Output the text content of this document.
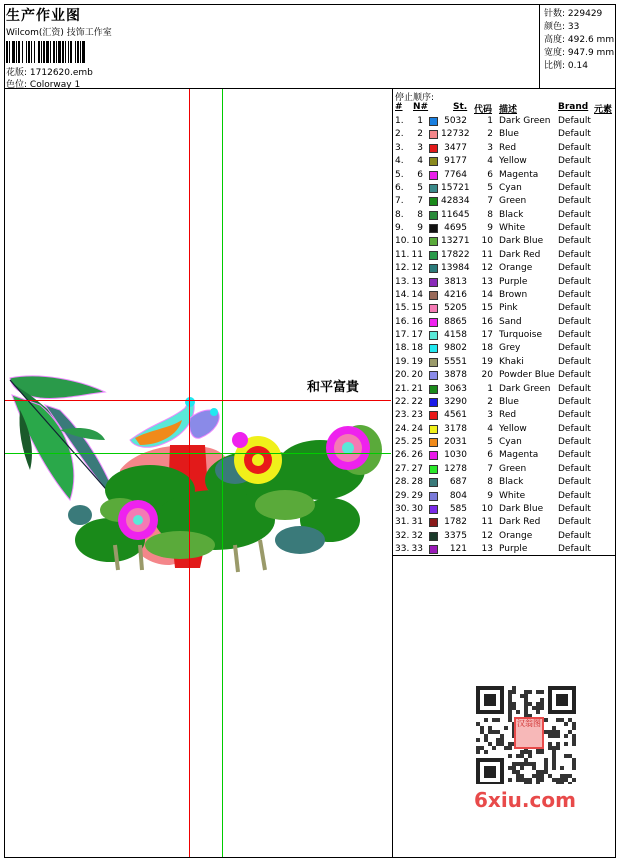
生产作业图
Wilcom(汇资) 技饰工作室
花版: 1712620.emb
色位: Colorway 1
针数: 229429
颜色: 33
高度: 492.6 mm
宽度: 947.9 mm
比例: 0.14
和平富貴
停止顺序:
# N#	St. 代码 描述	Brand 元素
1.	1	5032	1 Dark Green Default
2.	2 12732	2 Blue	Default
3.	3	3477	3 Red	Default
4.	4	9177	4 Yellow	Default
5.	6	7764	6 Magenta Default
6.	5 15721	5 Cyan	Default
7.	7 42834	7 Green	Default
8.	8 11645	8 Black	Default
9.	9	4695	9 White	Default
10. 10 13271	10 Dark Blue Default
11. 11 17822	11 Dark Red Default
12. 12 13984	12 Orange	Default
13. 13	3813	13 Purple	Default
14. 14	4216	14 Brown	Default
15. 15	5205	15 Pink	Default
16. 16	8865	16 Sand	Default
17. 17	4158	17 Turquoise Default
18. 18	9802	18 Grey	Default
19. 19	5551	19 Khaki	Default
20. 20	3878	20 Powder Blue Default
21. 21	3063	1 Dark Green Default
22. 22	3290	2 Blue	Default
23. 23	4561	3 Red	Default
24. 24	3178	4 Yellow	Default
25. 25	2031	5 Cyan	Default
26. 26	1030	6 Magenta Default
27. 27	1278	7 Green	Default
28. 28	687	8 Black	Default
29. 29	804	9 White	Default
30. 30	585	10 Dark Blue Default
31. 31	1782	11 Dark Red Default
32. 32	3375	12 Orange	Default
33. 33	121	13 Purple	Default
汉翁图
6xiu.com
